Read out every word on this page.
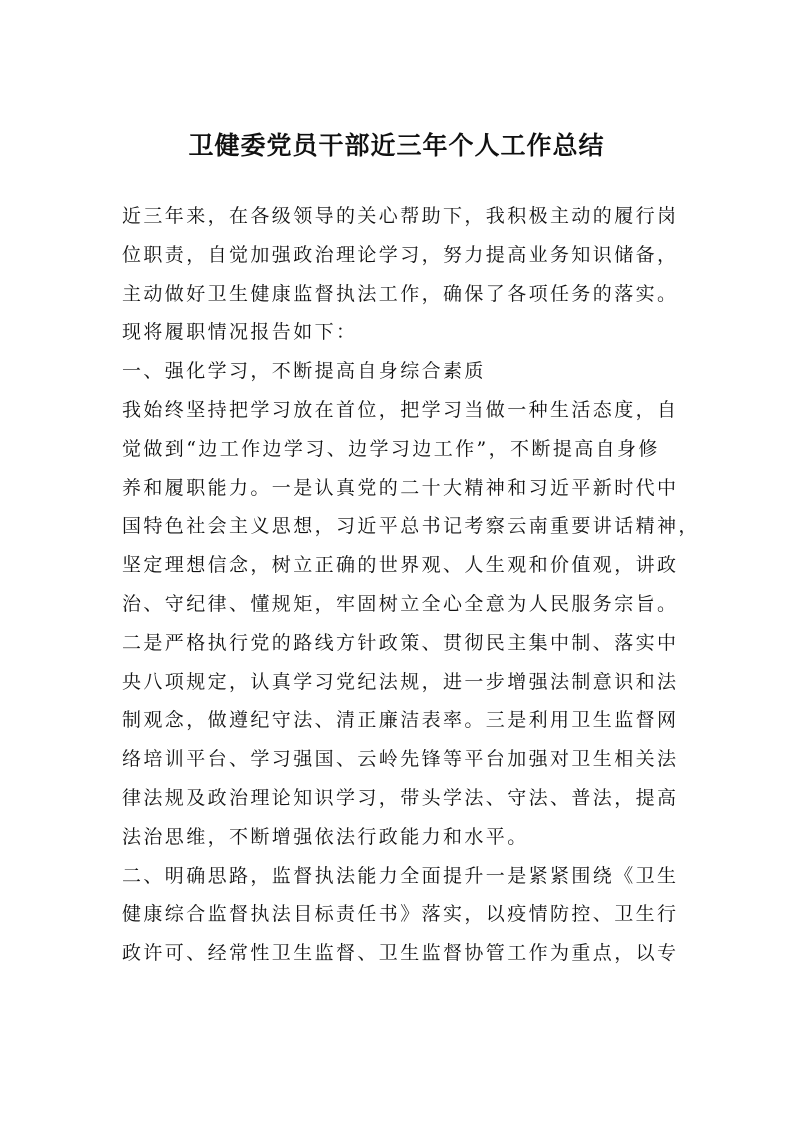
卫健委党员干部近三年个人工作总结
近三年来，在各级领导的关心帮助下，我积极主动的履行岗
位职责，自觉加强政治理论学习，努力提高业务知识储备，
主动做好卫生健康监督执法工作，确保了各项任务的落实。
现将履职情况报告如下：
一、强化学习，不断提高自身综合素质
我始终坚持把学习放在首位，把学习当做一种生活态度，自
觉做到“边工作边学习、边学习边工作”，不断提高自身修
养和履职能力。一是认真党的二十大精神和习近平新时代中
国特色社会主义思想，习近平总书记考察云南重要讲话精神，
坚定理想信念，树立正确的世界观、人生观和价值观，讲政
治、守纪律、懂规矩，牢固树立全心全意为人民服务宗旨。
二是严格执行党的路线方针政策、贯彻民主集中制、落实中
央八项规定，认真学习党纪法规，进一步增强法制意识和法
制观念，做遵纪守法、清正廉洁表率。三是利用卫生监督网
络培训平台、学习强国、云岭先锋等平台加强对卫生相关法
律法规及政治理论知识学习，带头学法、守法、普法，提高
法治思维，不断增强依法行政能力和水平。
二、明确思路，监督执法能力全面提升一是紧紧围绕《卫生
健康综合监督执法目标责任书》落实，以疫情防控、卫生行
政许可、经常性卫生监督、卫生监督协管工作为重点，以专
